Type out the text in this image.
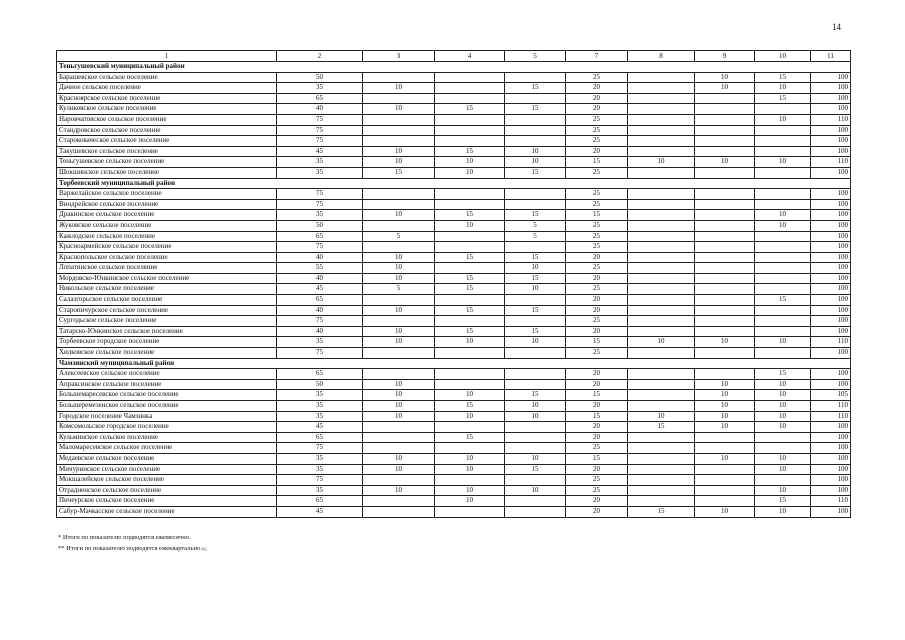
14
1	2	3	4	5	7	8	9	10	11
Теньгушевский муниципальный район									
Барашевское сельское поселение	50				25		10	15	100
Дачное сельское поселение	35	10		15	20		10	10	100
Красноярское сельское поселение	65				20			15	100
Куликовское сельское поселение	40	10	15	15	20				100
Наровчатовское сельское поселение	75				25			10	110
Стандровское сельское поселение	75				25				100
Староковаческое сельское поселение	75				25				100
Такушевское сельское поселение	45	10	15	10	20				100
Теньгушевское сельское поселение	35	10	10	10	15	10	10	10	110
Шокшинское сельское поселение	35	15	10	15	25				100
Торбеевский муниципальный район									
Варжелайское сельское поселение	75				25				100
Виндрейское сельское поселение	75				25				100
Дракинское сельское поселение	35	10	15	15	15			10	100
Жуковское сельское поселение	50		10	5	25			10	100
Кажлодское сельское поселение	65	5		5	25				100
Красноармейское сельское поселение	75				25				100
Краснопольское сельское поселение	40	10	15	15	20				100
Лопатинское сельское поселение	55	10		10	25				100
Мордовско-Юнкинское сельское поселение	40	10	15	15	20				100
Никольское сельское поселение	45	5	15	10	25				100
Салазгорьское сельское поселение	65				20			15	100
Старопичурское сельское поселение	40	10	15	15	20				100
Сургодьское сельское поселение	75				25				100
Татарско-Юнкинское сельское поселение	40	10	15	15	20				100
Торбеевское городское поселение	35	10	10	10	15	10	10	10	110
Хилковское сельское поселение	75				25				100
Чамзинский муниципальный район									
Алексеевское сельское поселение	65				20			15	100
Апраксинское сельское поселение	50	10			20		10	10	100
Большемаресевское сельское поселение	35	10	10	15	15		10	10	105
Большеремезенское сельское поселение	35	10	15	10	20		10	10	110
Городское поселение Чамзинка	35	10	10	10	15	10	10	10	110
Комсомольское городское поселение	45				20	15	10	10	100
Кульминское сельское поселение	65		15		20				100
Маломаресевское сельское поселение	75				25				100
Медаевское сельское поселение	35	10	10	10	15		10	10	100
Мичуринское сельское поселение	35	10	10	15	20			10	100
Мокшалейское сельское поселение	75				25				100
Отрадненское сельское поселение	35	10	10	10	25			10	100
Пичеурское сельское поселение	65		10		20			15	110
Сабур-Мачкасское сельское поселение	45				20	15	10	10	100
* Итоги по показателю подводятся ежемесячно.
** Итоги по показателю подводятся ежеквартально.»;
